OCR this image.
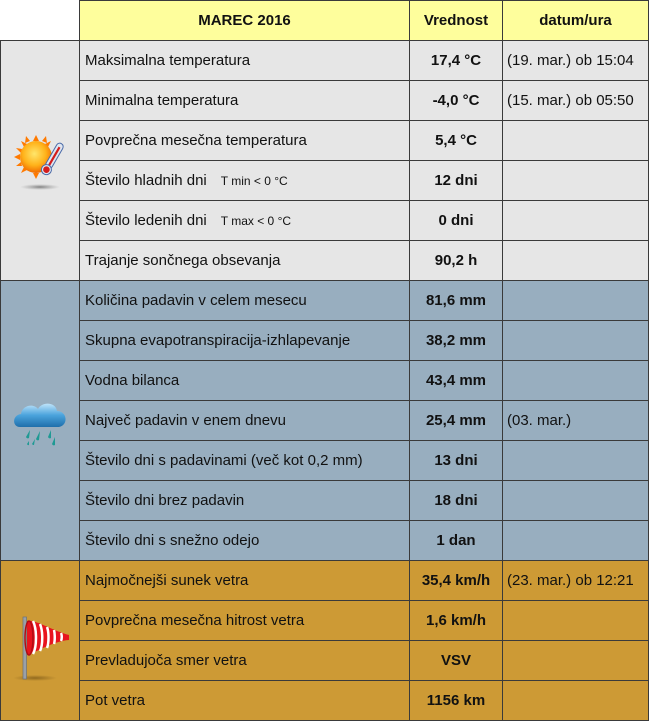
	MAREC 2016	Vrednost	datum/ura

	Maksimalna temperatura	17,4 °C	(19. mar.) ob 15:04
	Minimalna temperatura	-4,0 °C	(15. mar.) ob 05:50
	Povprečna mesečna temperatura	5,4 °C	
	Število hladnih dni T min < 0 °C	12 dni	
	Število ledenih dni T max < 0 °C	0 dni	
	Trajanje sončnega obsevanja	90,2 h	

	Količina padavin v celem mesecu	81,6 mm	
	Skupna evapotranspiracija-izhlapevanje	38,2 mm	
	Vodna bilanca	43,4 mm	
	Največ padavin v enem dnevu	25,4 mm	(03. mar.)
	Število dni s padavinami (več kot 0,2 mm)	13 dni	
	Število dni brez padavin	18 dni	
	Število dni s snežno odejo	1 dan	

	Najmočnejši sunek vetra	35,4 km/h	(23. mar.) ob 12:21
	Povprečna mesečna hitrost vetra	1,6 km/h	
	Prevladujoča smer vetra	VSV	
	Pot vetra	1156 km	
